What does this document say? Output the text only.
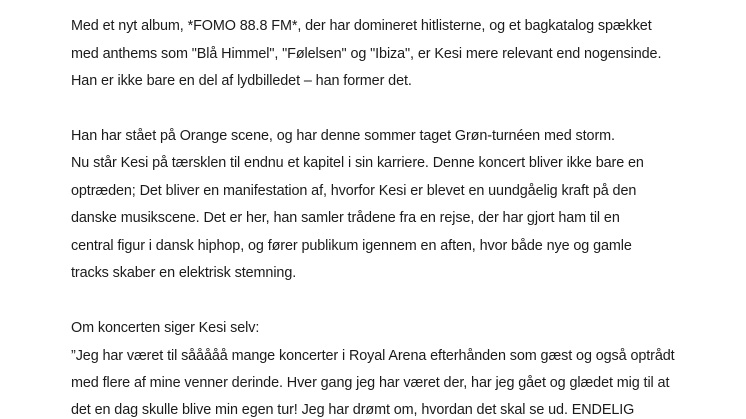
Med et nyt album, *FOMO 88.8 FM*, der har domineret hitlisterne, og et bagkatalog spækket
med anthems som "Blå Himmel", "Følelsen" og "Ibiza", er Kesi mere relevant end nogensinde.
Han er ikke bare en del af lydbilledet – han former det.
Han har stået på Orange scene, og har denne sommer taget Grøn-turnéen med storm.
Nu står Kesi på tærsklen til endnu et kapitel i sin karriere. Denne koncert bliver ikke bare en
optræden; Det bliver en manifestation af, hvorfor Kesi er blevet en uundgåelig kraft på den
danske musikscene. Det er her, han samler trådene fra en rejse, der har gjort ham til en
central figur i dansk hiphop, og fører publikum igennem en aften, hvor både nye og gamle
tracks skaber en elektrisk stemning.
Om koncerten siger Kesi selv:
”Jeg har været til sååååå mange koncerter i Royal Arena efterhånden som gæst og også optrådt
med flere af mine venner derinde. Hver gang jeg har været der, har jeg gået og glædet mig til at
det en dag skulle blive min egen tur! Jeg har drømt om, hvordan det skal se ud. ENDELIG
